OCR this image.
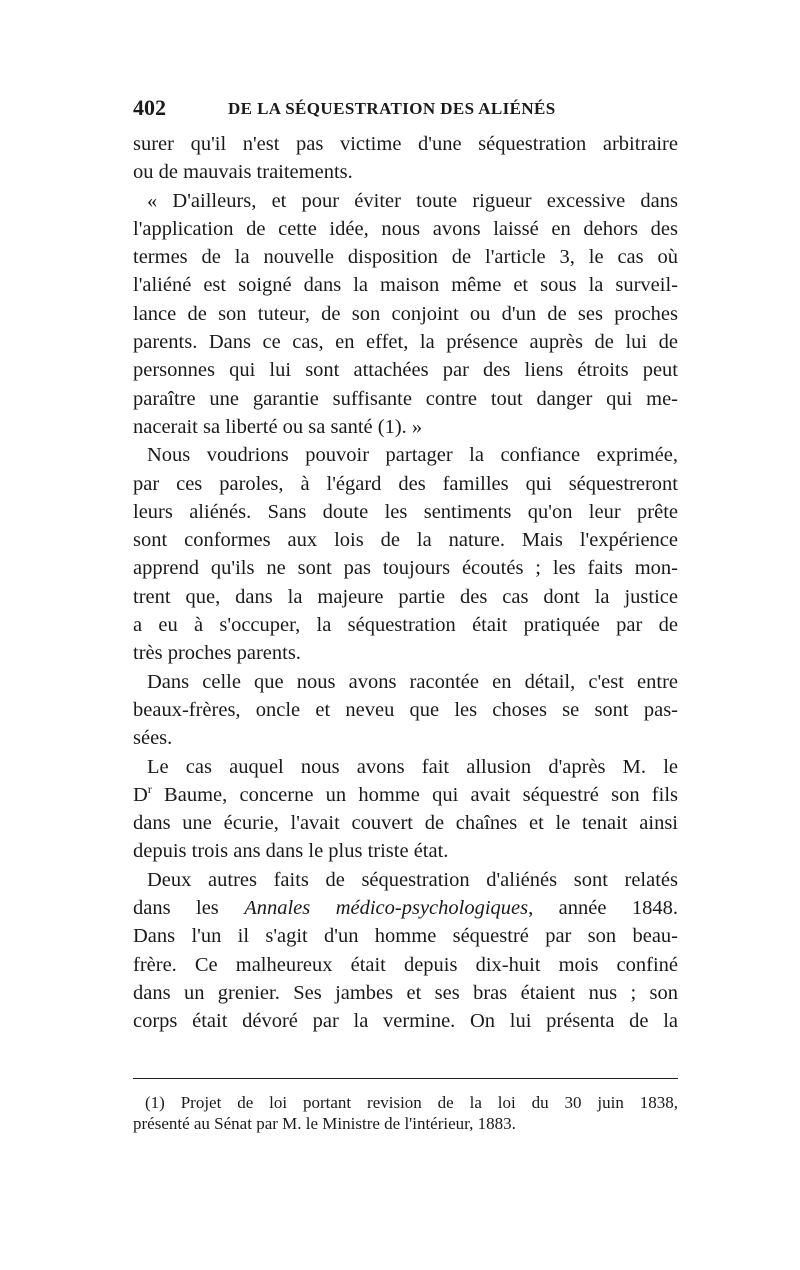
402	DE LA SÉQUESTRATION DES ALIÉNÉS
surer qu'il n'est pas victime d'une séquestration arbitraire
ou de mauvais traitements.
« D'ailleurs, et pour éviter toute rigueur excessive dans
l'application de cette idée, nous avons laissé en dehors des
termes de la nouvelle disposition de l'article 3, le cas où
l'aliéné est soigné dans la maison même et sous la surveil-
lance de son tuteur, de son conjoint ou d'un de ses proches
parents. Dans ce cas, en effet, la présence auprès de lui de
personnes qui lui sont attachées par des liens étroits peut
paraître une garantie suffisante contre tout danger qui me-
nacerait sa liberté ou sa santé (1). »
Nous voudrions pouvoir partager la confiance exprimée,
par ces paroles, à l'égard des familles qui séquestreront
leurs aliénés. Sans doute les sentiments qu'on leur prête
sont conformes aux lois de la nature. Mais l'expérience
apprend qu'ils ne sont pas toujours écoutés ; les faits mon-
trent que, dans la majeure partie des cas dont la justice
a eu à s'occuper, la séquestration était pratiquée par de
très proches parents.
Dans celle que nous avons racontée en détail, c'est entre
beaux-frères, oncle et neveu que les choses se sont pas-
sées.
Le cas auquel nous avons fait allusion d'après M. le
$D^r$ Baume, concerne un homme qui avait séquestré son fils
dans une écurie, l'avait couvert de chaînes et le tenait ainsi
depuis trois ans dans le plus triste état.
Deux autres faits de séquestration d'aliénés sont relatés
dans les Annales médico-psychologiques, année 1848.
Dans l'un il s'agit d'un homme séquestré par son beau-
frère. Ce malheureux était depuis dix-huit mois confiné
dans un grenier. Ses jambes et ses bras étaient nus ; son
corps était dévoré par la vermine. On lui présenta de la
(1) Projet de loi portant revision de la loi du 30 juin 1838,
présenté au Sénat par M. le Ministre de l'intérieur, 1883.
